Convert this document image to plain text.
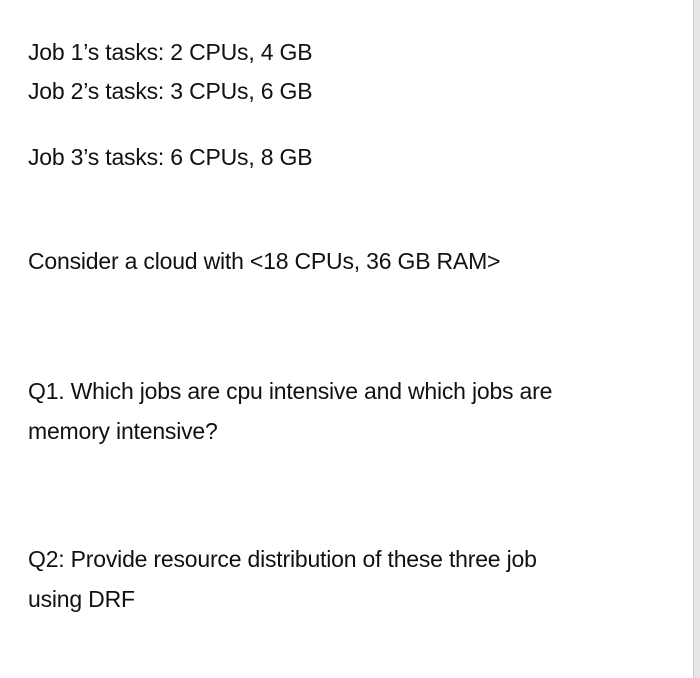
Job 1’s tasks: 2 CPUs, 4 GB

Job 2’s tasks: 3 CPUs, 6 GB

Job 3’s tasks: 6 CPUs, 8 GB

Consider a cloud with <18 CPUs, 36 GB RAM>

Q1. Which jobs are cpu intensive and which jobs are

memory intensive?

Q2: Provide resource distribution of these three job

using DRF
